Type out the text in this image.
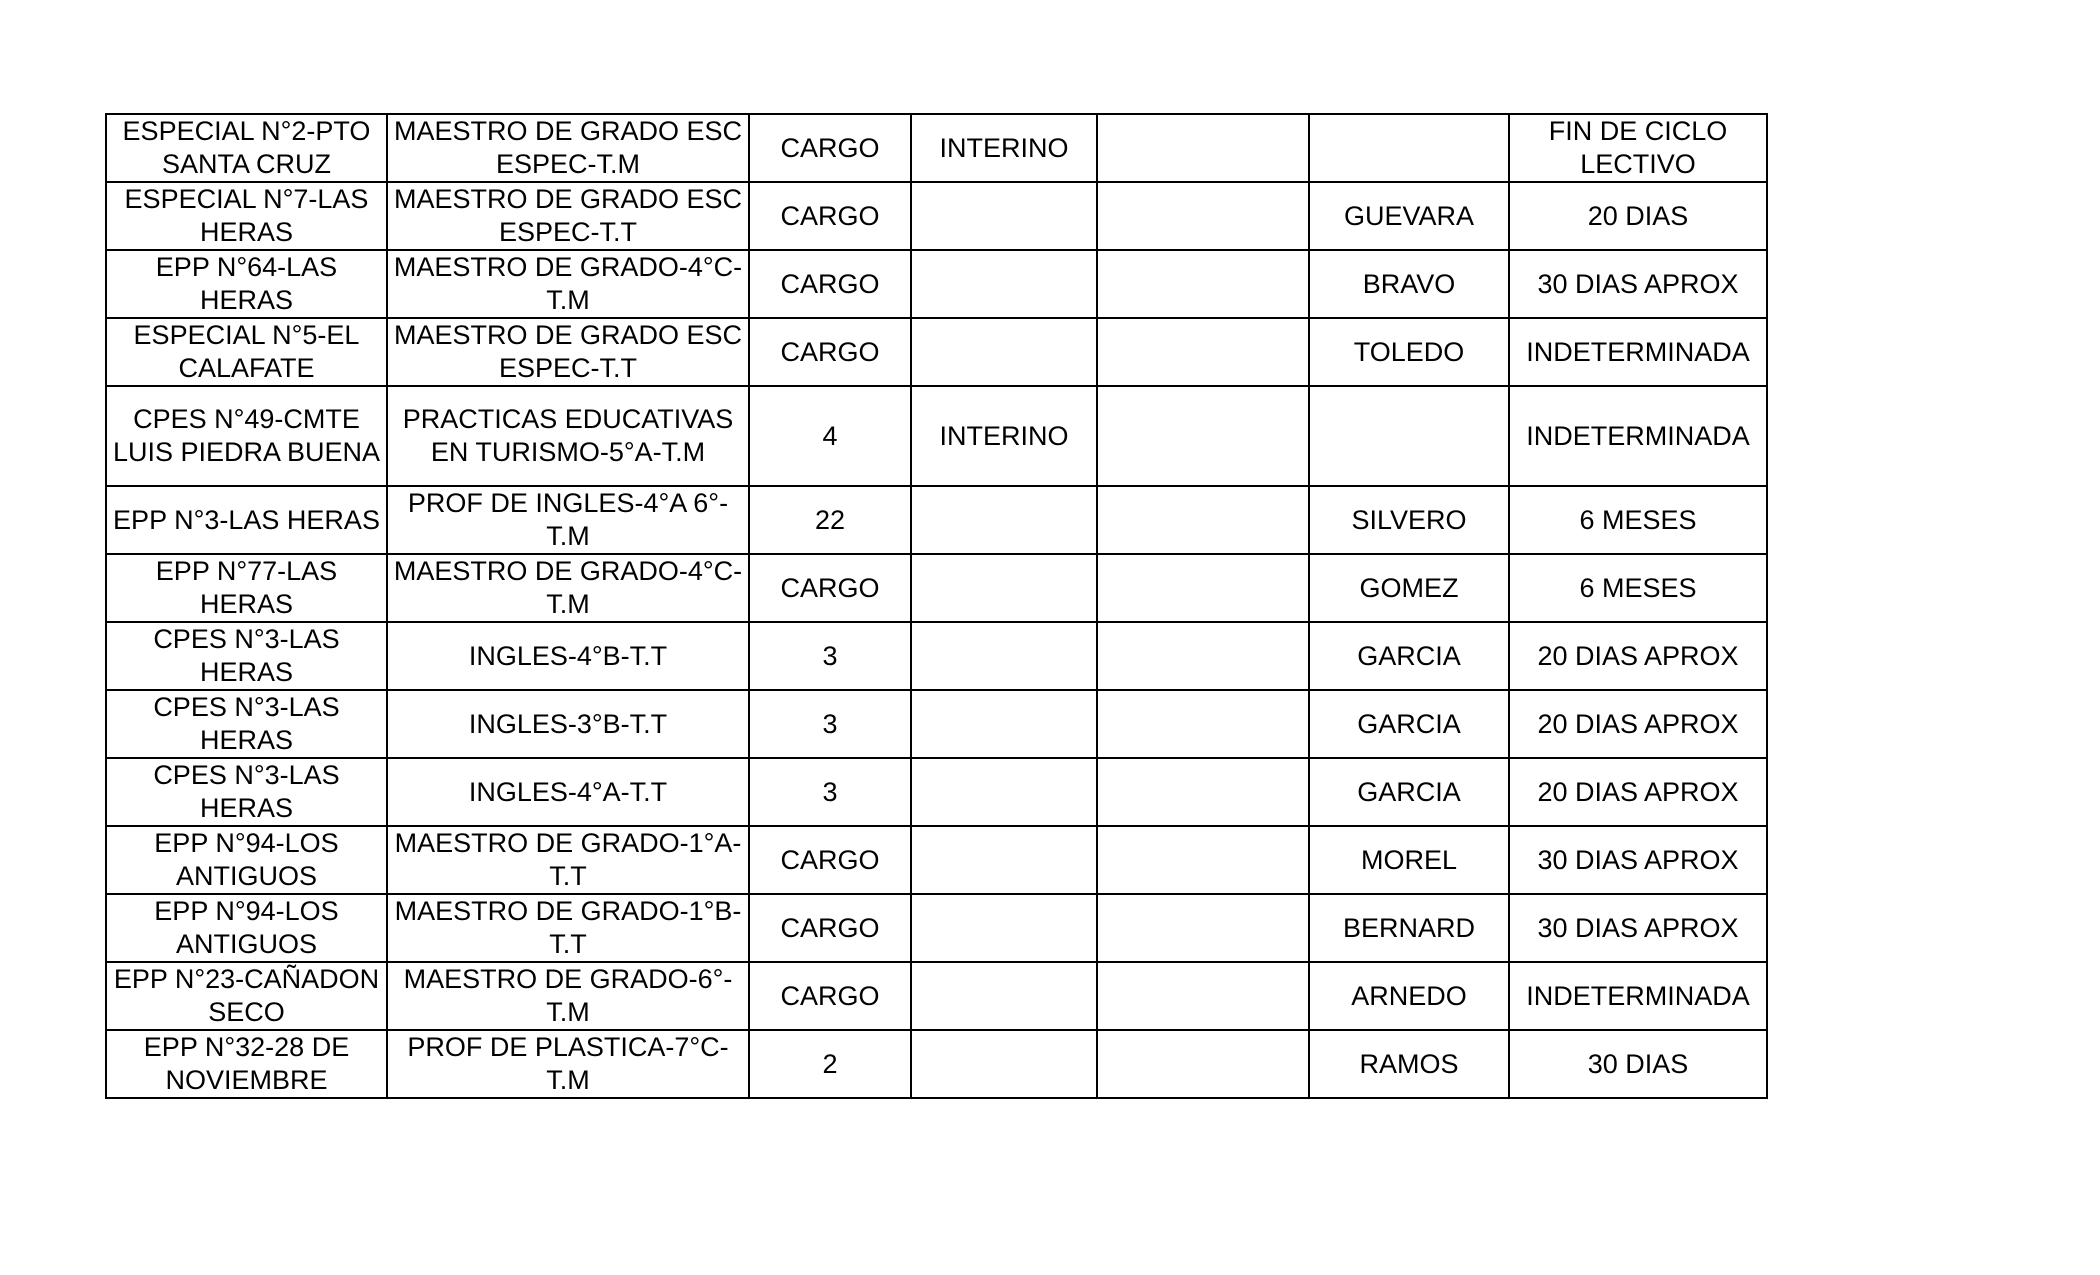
ESPECIAL N°2-PTO SANTA CRUZ	MAESTRO DE GRADO ESC ESPEC-T.M	CARGO	INTERINO			FIN DE CICLO LECTIVO
ESPECIAL N°7-LAS HERAS	MAESTRO DE GRADO ESC ESPEC-T.T	CARGO			GUEVARA	20 DIAS
EPP N°64-LAS HERAS	MAESTRO DE GRADO-4°C-T.M	CARGO			BRAVO	30 DIAS APROX
ESPECIAL N°5-EL CALAFATE	MAESTRO DE GRADO ESC ESPEC-T.T	CARGO			TOLEDO	INDETERMINADA
CPES N°49-CMTE LUIS PIEDRA BUENA	PRACTICAS EDUCATIVAS EN TURISMO-5°A-T.M	4	INTERINO			INDETERMINADA
EPP N°3-LAS HERAS	PROF DE INGLES-4°A 6°-T.M	22			SILVERO	6 MESES
EPP N°77-LAS HERAS	MAESTRO DE GRADO-4°C-T.M	CARGO			GOMEZ	6 MESES
CPES N°3-LAS HERAS	INGLES-4°B-T.T	3			GARCIA	20 DIAS APROX
CPES N°3-LAS HERAS	INGLES-3°B-T.T	3			GARCIA	20 DIAS APROX
CPES N°3-LAS HERAS	INGLES-4°A-T.T	3			GARCIA	20 DIAS APROX
EPP N°94-LOS ANTIGUOS	MAESTRO DE GRADO-1°A-T.T	CARGO			MOREL	30 DIAS APROX
EPP N°94-LOS ANTIGUOS	MAESTRO DE GRADO-1°B-T.T	CARGO			BERNARD	30 DIAS APROX
EPP N°23-CAÑADON SECO	MAESTRO DE GRADO-6°-T.M	CARGO			ARNEDO	INDETERMINADA
EPP N°32-28 DE NOVIEMBRE	PROF DE PLASTICA-7°C-T.M	2			RAMOS	30 DIAS
